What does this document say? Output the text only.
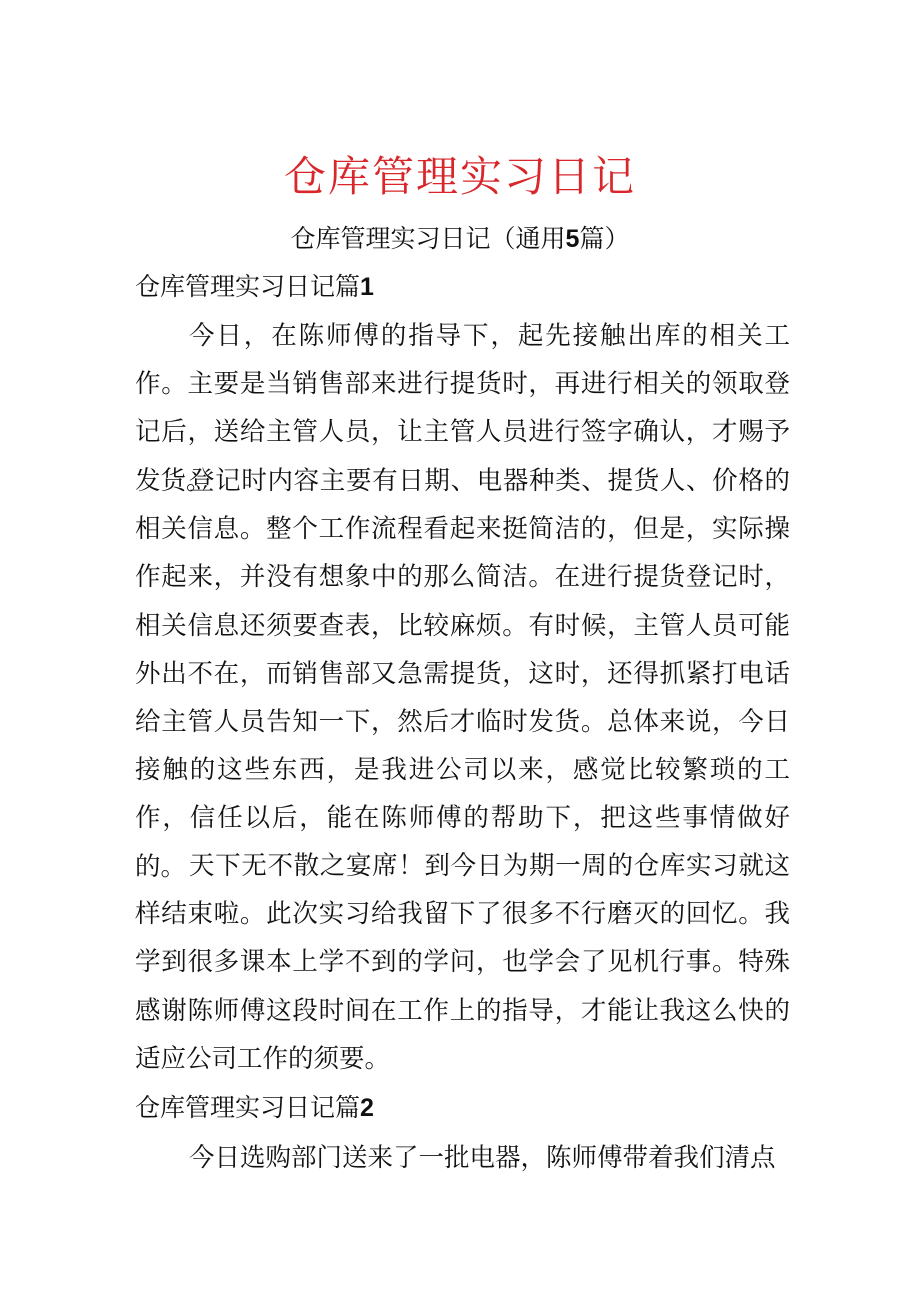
仓库管理实习日记
仓库管理实习日记（通用5篇）
仓库管理实习日记篇1

今日，在陈师傅的指导下，起先接触出库的相关工作。主要是当销售部来进行提货时，再进行相关的领取登记后，送给主管人员，让主管人员进行签字确认，才赐予发货。

登记时内容主要有日期、电器种类、提货人、价格的相关信息。整个工作流程看起来挺简洁的，但是，实际操作起来，并没有想象中的那么简洁。在进行提货登记时，相关信息还须要查表，比较麻烦。有时候，主管人员可能外出不在，而销售部又急需提货，这时，还得抓紧打电话给主管人员告知一下，然后才临时发货。总体来说，今日接触的这些东西，是我进公司以来，感觉比较繁琐的工作，信任以后，能在陈师傅的帮助下，把这些事情做好的。 天下无不散之宴席！到今日为期一周的仓库实习就这样结束啦。此次实习给我留下了很多不行磨灭的回忆。我学到很多课本上学不到的学问，也学会了见机行事。特殊感谢陈师傅这段时间在工作上的指导，才能让我这么快的适应公司工作的须要。

仓库管理实习日记篇2

今日选购部门送来了一批电器，陈师傅带着我们清点
